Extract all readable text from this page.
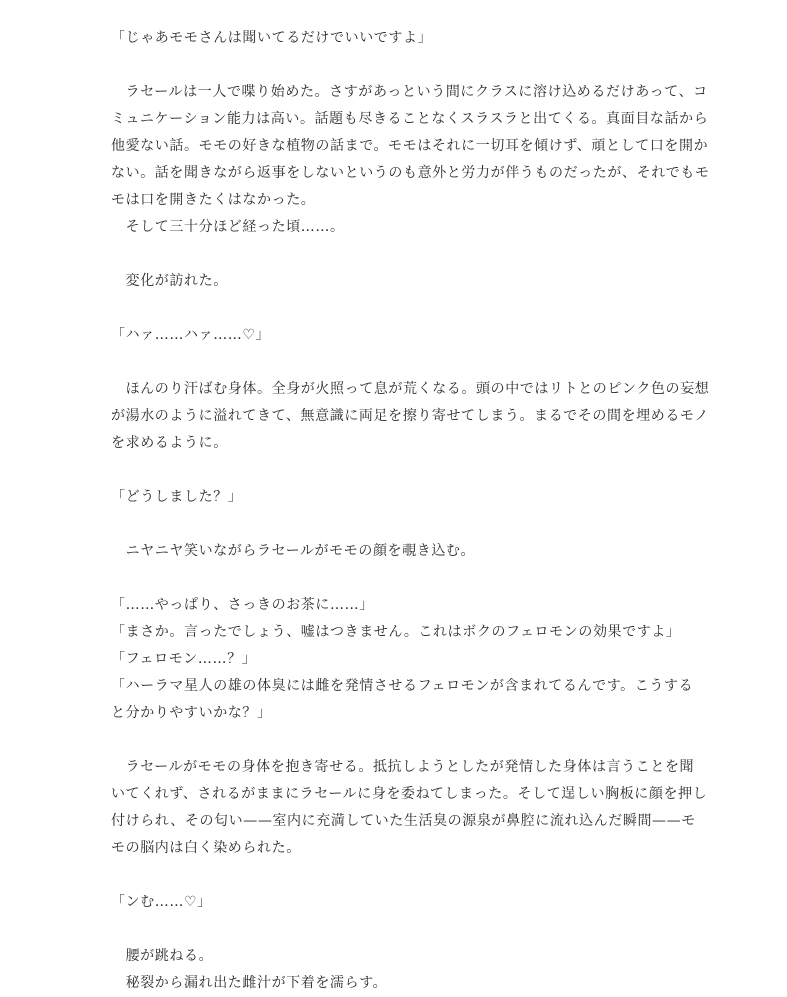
「じゃあモモさんは聞いてるだけでいいですよ」
　ラセールは一人で喋り始めた。さすがあっという間にクラスに溶け込めるだけあって、コ
ミュニケーション能力は高い。話題も尽きることなくスラスラと出てくる。真面目な話から
他愛ない話。モモの好きな植物の話まで。モモはそれに一切耳を傾けず、頑として口を開か
ない。話を聞きながら返事をしないというのも意外と労力が伴うものだったが、それでもモ
モは口を開きたくはなかった。
　そして三十分ほど経った頃……。
　変化が訪れた。
「ハァ……ハァ……♡」
　ほんのり汗ばむ身体。全身が火照って息が荒くなる。頭の中ではリトとのピンク色の妄想
が湯水のように溢れてきて、無意識に両足を擦り寄せてしまう。まるでその間を埋めるモノ
を求めるように。
「どうしました？」
　ニヤニヤ笑いながらラセールがモモの顔を覗き込む。
「……やっぱり、さっきのお茶に……」
「まさか。言ったでしょう、嘘はつきません。これはボクのフェロモンの効果ですよ」
「フェロモン……？」
「ハーラマ星人の雄の体臭には雌を発情させるフェロモンが含まれてるんです。こうする
と分かりやすいかな？」
　ラセールがモモの身体を抱き寄せる。抵抗しようとしたが発情した身体は言うことを聞
いてくれず、されるがままにラセールに身を委ねてしまった。そして逞しい胸板に顔を押し
付けられ、その匂い——室内に充満していた生活臭の源泉が鼻腔に流れ込んだ瞬間——モ
モの脳内は白く染められた。
「ンむ……♡」
　腰が跳ねる。
　秘裂から漏れ出た雌汁が下着を濡らす。
